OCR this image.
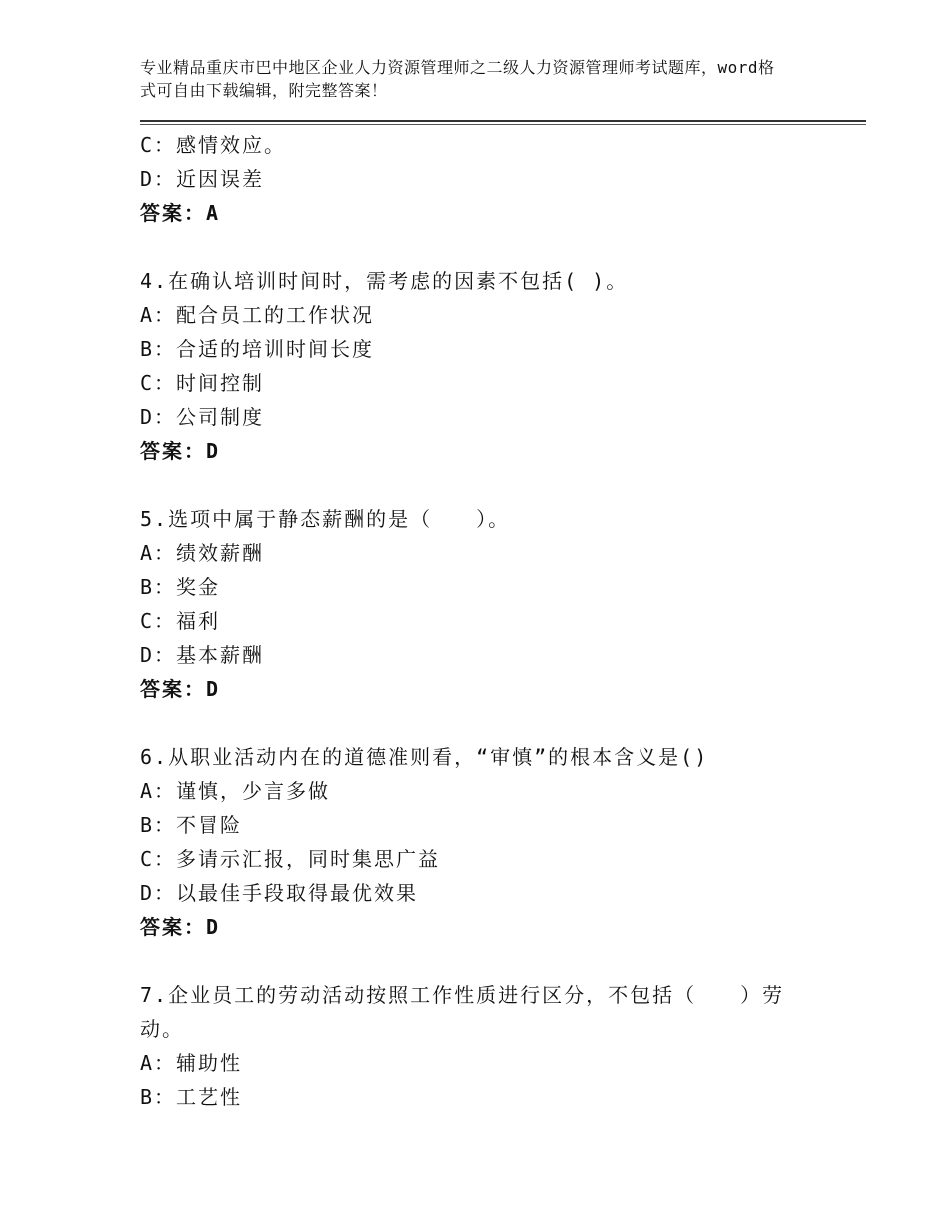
专业精品重庆市巴中地区企业人力资源管理师之二级人力资源管理师考试题库，word格式可自由下载编辑，附完整答案！
C：感情效应。
D：近因误差
答案：A
4.在确认培训时间时，需考虑的因素不包括( )。
A：配合员工的工作状况
B：合适的培训时间长度
C：时间控制
D：公司制度
答案：D
5.选项中属于静态薪酬的是（　　）。
A：绩效薪酬
B：奖金
C：福利
D：基本薪酬
答案：D
6.从职业活动内在的道德准则看，“审慎”的根本含义是()
A：谨慎，少言多做
B：不冒险
C：多请示汇报，同时集思广益
D：以最佳手段取得最优效果
答案：D
7.企业员工的劳动活动按照工作性质进行区分，不包括（　　）劳动。
A：辅助性
B：工艺性
